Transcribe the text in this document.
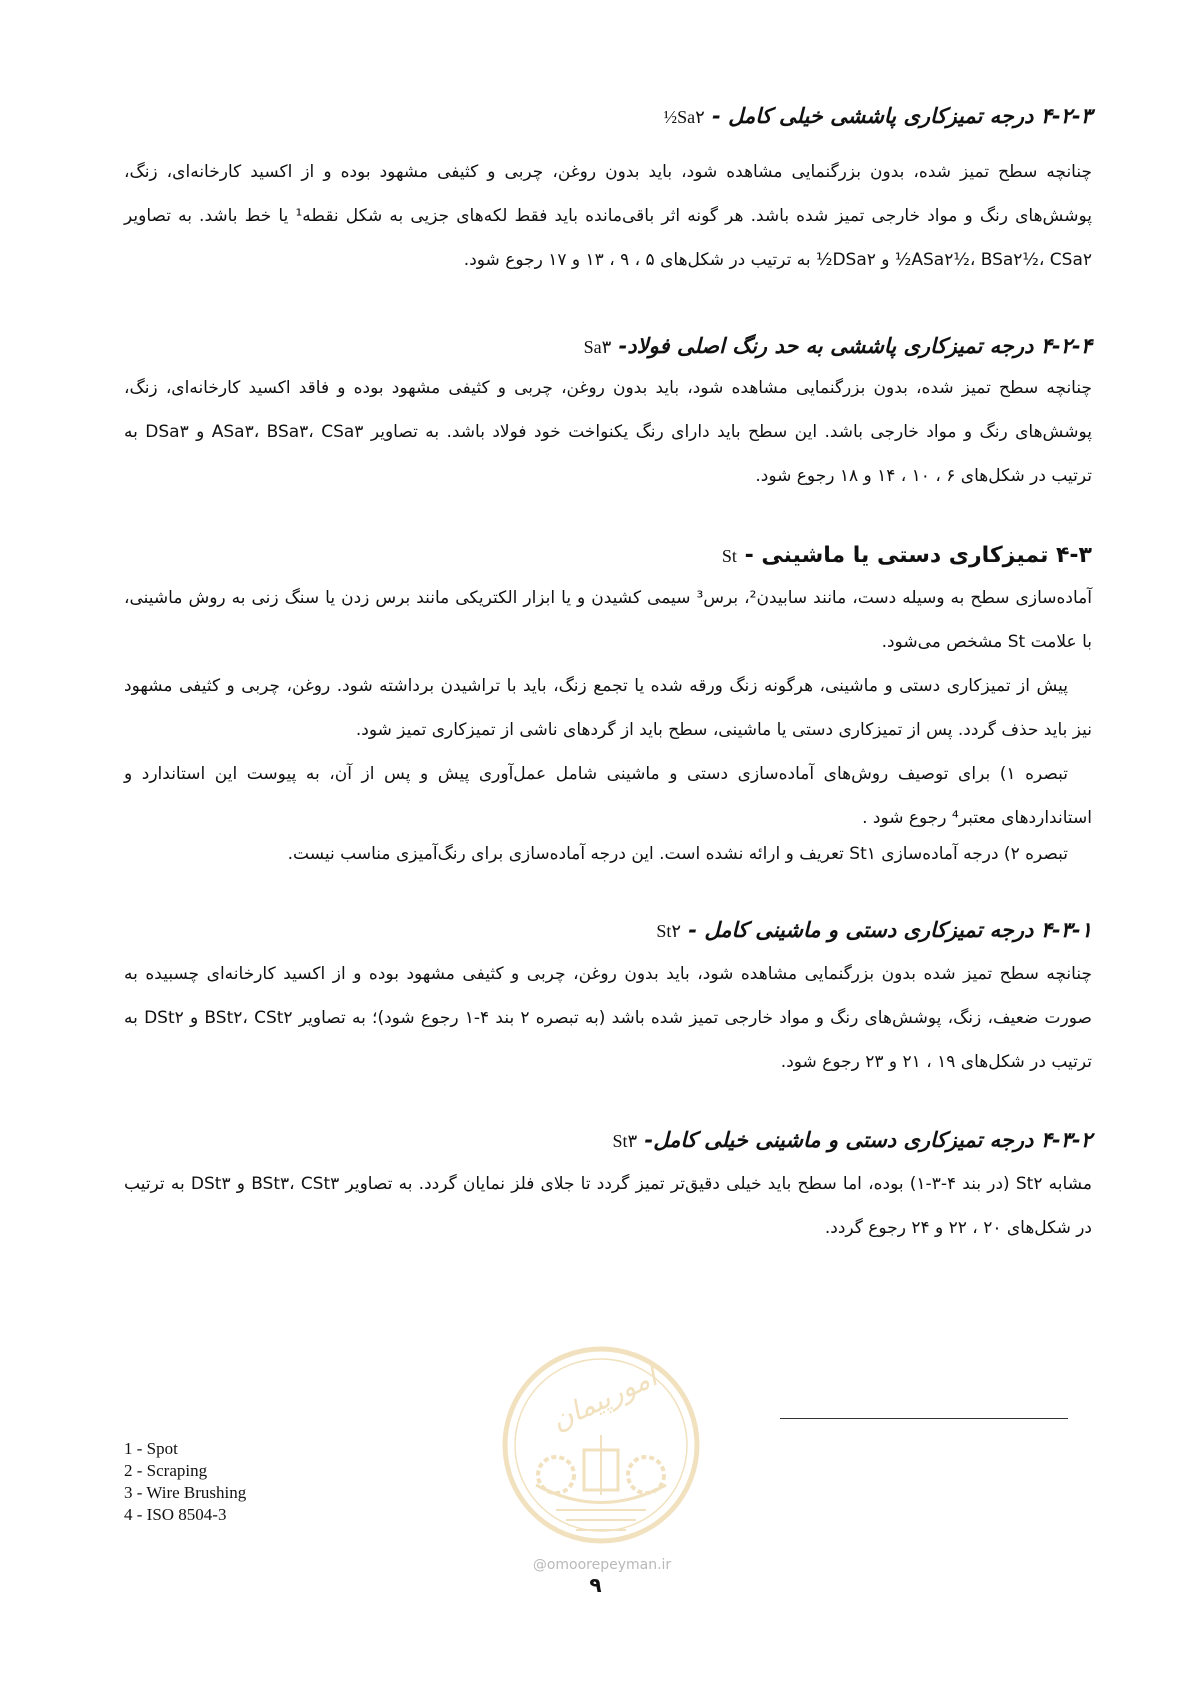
۴-۲-۳ درجه تمیزکاری پاششی خیلی کامل - Sa۲½
چنانچه سطح تمیز شده، بدون بزرگنمایی مشاهده شود، باید بدون روغن، چربی و کثیفی مشهود بوده و از اکسید کارخانه‌ای، زنگ، پوشش‌های رنگ و مواد خارجی تمیز شده باشد. هر گونه اثر باقی‌مانده باید فقط لکه‌های جزیی به شکل نقطه¹ یا خط باشد. به تصاویر ASa۲½، BSa۲½، CSa۲½ و DSa۲½ به ترتیب در شکل‌های ۵ ، ۹ ، ۱۳ و ۱۷ رجوع شود.
۴-۲-۴ درجه تمیزکاری پاششی به حد رنگ اصلی فولاد- Sa۳
چنانچه سطح تمیز شده، بدون بزرگنمایی مشاهده شود، باید بدون روغن، چربی و کثیفی مشهود بوده و فاقد اکسید کارخانه‌ای، زنگ، پوشش‌های رنگ و مواد خارجی باشد. این سطح باید دارای رنگ یکنواخت خود فولاد باشد. به تصاویر ASa۳، BSa۳، CSa۳ و DSa۳ به ترتیب در شکل‌های ۶ ، ۱۰ ، ۱۴ و ۱۸ رجوع شود.
۴-۳ تمیزکاری دستی یا ماشینی - St
آماده‌سازی سطح به وسیله دست، مانند سابیدن²، برس³ سیمی کشیدن و یا ابزار الکتریکی مانند برس زدن یا سنگ زنی به روش ماشینی، با علامت St مشخص می‌شود.
پیش از تمیزکاری دستی و ماشینی، هرگونه زنگ ورقه شده یا تجمع زنگ، باید با تراشیدن برداشته شود. روغن، چربی و کثیفی مشهود نیز باید حذف گردد. پس از تمیزکاری دستی یا ماشینی، سطح باید از گردهای ناشی از تمیزکاری تمیز شود.
تبصره ۱) برای توصیف روش‌های آماده‌سازی دستی و ماشینی شامل عمل‌آوری پیش و پس از آن، به پیوست این استاندارد و استانداردهای معتبر⁴ رجوع شود .
تبصره ۲) درجه آماده‌سازی St۱ تعریف و ارائه نشده است. این درجه آماده‌سازی برای رنگ‌آمیزی مناسب نیست.
۴-۳-۱ درجه تمیزکاری دستی و ماشینی کامل - St۲
چنانچه سطح تمیز شده بدون بزرگنمایی مشاهده شود، باید بدون روغن، چربی و کثیفی مشهود بوده و از اکسید کارخانه‌ای چسبیده به صورت ضعیف، زنگ، پوشش‌های رنگ و مواد خارجی تمیز شده باشد (به تبصره ۲ بند ۴-۱ رجوع شود)؛ به تصاویر BSt۲، CSt۲ و DSt۲ به ترتیب در شکل‌های ۱۹ ، ۲۱ و ۲۳ رجوع شود.
۴-۳-۲ درجه تمیزکاری دستی و ماشینی خیلی کامل- St۳
مشابه St۲ (در بند ۴-۳-۱) بوده، اما سطح باید خیلی دقیق‌تر تمیز گردد تا جلای فلز نمایان گردد. به تصاویر BSt۳، CSt۳ و DSt۳ به ترتیب در شکل‌های ۲۰ ، ۲۲ و ۲۴ رجوع گردد.
امورپیمان
@omoorepeyman.ir
1 - Spot
2 - Scraping
3 - Wire Brushing
4 - ISO 8504-3
۹
